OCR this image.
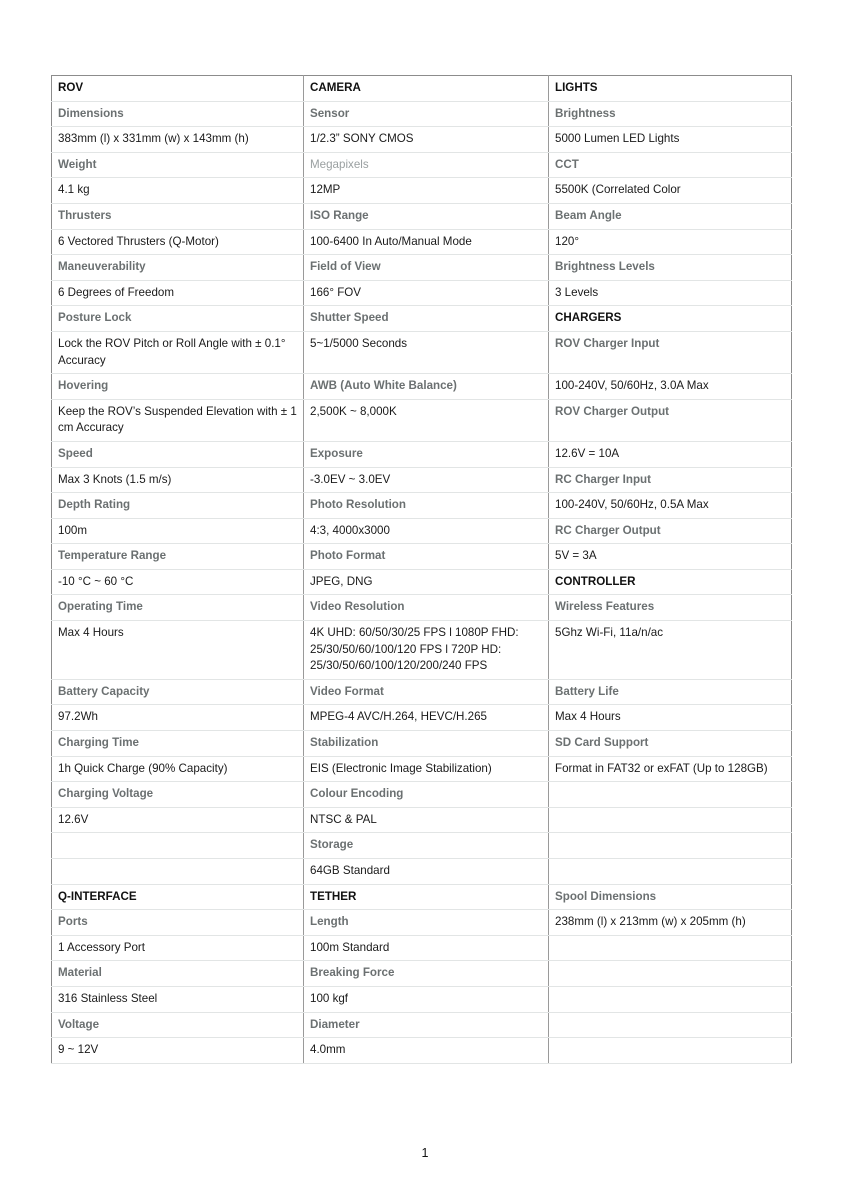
ROV	CAMERA	LIGHTS
Dimensions	Sensor	Brightness
383mm (l) x 331mm (w) x 143mm (h)	1/2.3” SONY CMOS	5000 Lumen LED Lights
Weight	Megapixels	CCT
4.1 kg	12MP	5500K (Correlated Color
Thrusters	ISO Range	Beam Angle
6 Vectored Thrusters (Q-Motor)	100-6400 In Auto/Manual Mode	120°
Maneuverability	Field of View	Brightness Levels
6 Degrees of Freedom	166° FOV	3 Levels
Posture Lock	Shutter Speed	CHARGERS
Lock the ROV Pitch or Roll Angle with ± 0.1° Accuracy	5~1/5000 Seconds	ROV Charger Input
Hovering	AWB (Auto White Balance)	100-240V, 50/60Hz, 3.0A Max
Keep the ROV’s Suspended Elevation with ± 1 cm Accuracy	2,500K ~ 8,000K	ROV Charger Output
Speed	Exposure	12.6V = 10A
Max 3 Knots (1.5 m/s)	-3.0EV ~ 3.0EV	RC Charger Input
Depth Rating	Photo Resolution	100-240V, 50/60Hz, 0.5A Max
100m	4:3, 4000x3000	RC Charger Output
Temperature Range	Photo Format	5V = 3A
-10 °C ~ 60 °C	JPEG, DNG	CONTROLLER
Operating Time	Video Resolution	Wireless Features
Max 4 Hours	4K UHD: 60/50/30/25 FPS l 1080P FHD: 25/30/50/60/100/120 FPS l 720P HD: 25/30/50/60/100/120/200/240 FPS	5Ghz Wi-Fi, 11a/n/ac
Battery Capacity	Video Format	Battery Life
97.2Wh	MPEG-4 AVC/H.264, HEVC/H.265	Max 4 Hours
Charging Time	Stabilization	SD Card Support
1h Quick Charge (90% Capacity)	EIS (Electronic Image Stabilization)	Format in FAT32 or exFAT (Up to 128GB)
Charging Voltage	Colour Encoding	
12.6V	NTSC & PAL	
	Storage	
	64GB Standard	
Q-INTERFACE	TETHER	Spool Dimensions
Ports	Length	238mm (l) x 213mm (w) x 205mm (h)
1 Accessory Port	100m Standard	
Material	Breaking Force	
316 Stainless Steel	100 kgf	
Voltage	Diameter	
9 ~ 12V	4.0mm	
1
